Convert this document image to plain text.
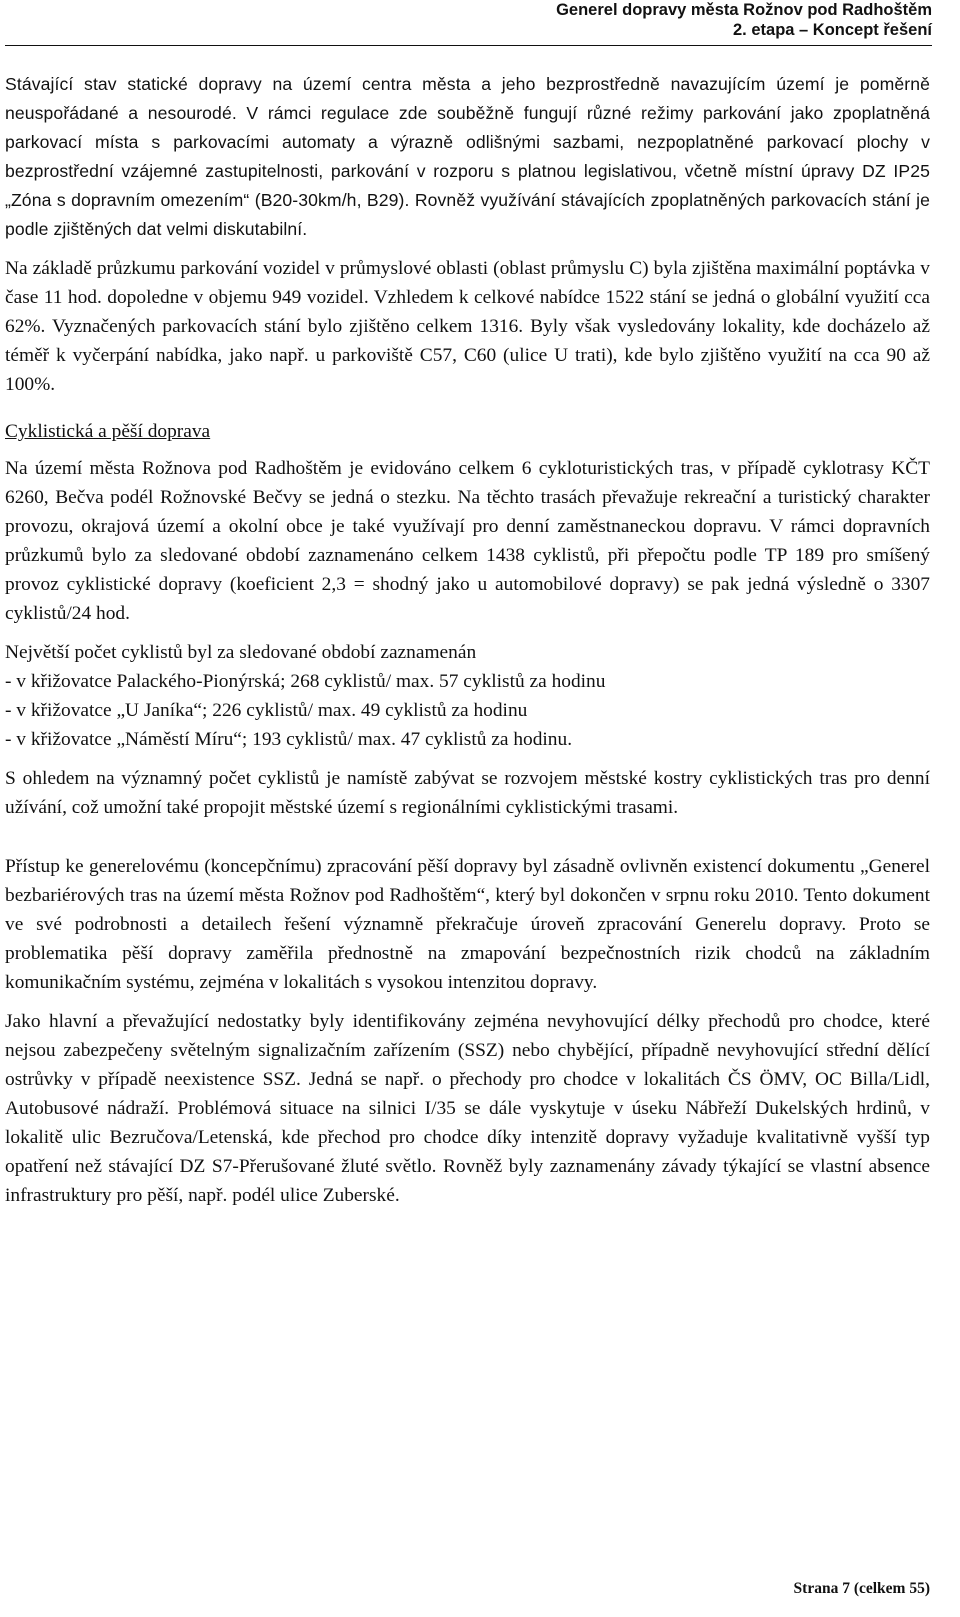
Generel dopravy města Rožnov pod Radhoštěm
2. etapa – Koncept řešení

Stávající stav statické dopravy na území centra města a jeho bezprostředně navazujícím území je poměrně neuspořádané a nesourodé. V rámci regulace zde souběžně fungují různé režimy parkování jako zpoplatněná parkovací místa s parkovacími automaty a výrazně odlišnými sazbami, nezpoplatněné parkovací plochy v bezprostřední vzájemné zastupitelnosti, parkování v rozporu s platnou legislativou, včetně místní úpravy DZ IP25 „Zóna s dopravním omezením“ (B20-30km/h, B29). Rovněž využívání stávajících zpoplatněných parkovacích stání je podle zjištěných dat velmi diskutabilní.

Na základě průzkumu parkování vozidel v průmyslové oblasti (oblast průmyslu C) byla zjištěna maximální poptávka v čase 11 hod. dopoledne v objemu 949 vozidel. Vzhledem k celkové nabídce 1522 stání se jedná o globální využití cca 62%. Vyznačených parkovacích stání bylo zjištěno celkem 1316. Byly však vysledovány lokality, kde docházelo až téměř k vyčerpání nabídka, jako např. u parkoviště C57, C60 (ulice U trati), kde bylo zjištěno využití na cca 90 až 100%.

Cyklistická a pěší doprava

Na území města Rožnova pod Radhoštěm je evidováno celkem 6 cykloturistických tras, v případě cyklotrasy KČT 6260, Bečva podél Rožnovské Bečvy se jedná o stezku. Na těchto trasách převažuje rekreační a turistický charakter provozu, okrajová území a okolní obce je také využívají pro denní zaměstnaneckou dopravu. V rámci dopravních průzkumů bylo za sledované období zaznamenáno celkem 1438 cyklistů, při přepočtu podle TP 189 pro smíšený provoz cyklistické dopravy (koeficient 2,3 = shodný jako u automobilové dopravy) se pak jedná výsledně o 3307 cyklistů/24 hod.

Největší počet cyklistů byl za sledované období zaznamenán
- v křižovatce Palackého-Pionýrská; 268 cyklistů/ max. 57 cyklistů za hodinu
- v křižovatce „U Janíka“; 226 cyklistů/ max. 49 cyklistů za hodinu
- v křižovatce „Náměstí Míru“; 193 cyklistů/ max. 47 cyklistů za hodinu.

S ohledem na významný počet cyklistů je namístě zabývat se rozvojem městské kostry cyklistických tras pro denní užívání, což umožní také propojit městské území s regionálními cyklistickými trasami.

Přístup ke generelovému (koncepčnímu) zpracování pěší dopravy byl zásadně ovlivněn existencí dokumentu „Generel bezbariérových tras na území města Rožnov pod Radhoštěm“, který byl dokončen v srpnu roku 2010. Tento dokument ve své podrobnosti a detailech řešení významně překračuje úroveň zpracování Generelu dopravy. Proto se problematika pěší dopravy zaměřila přednostně na zmapování bezpečnostních rizik chodců na základním komunikačním systému, zejména v lokalitách s vysokou intenzitou dopravy.

Jako hlavní a převažující nedostatky byly identifikovány zejména nevyhovující délky přechodů pro chodce, které nejsou zabezpečeny světelným signalizačním zařízením (SSZ) nebo chybějící, případně nevyhovující střední dělící ostrůvky v případě neexistence SSZ. Jedná se např. o přechody pro chodce v lokalitách ČS ÖMV, OC Billa/Lidl, Autobusové nádraží. Problémová situace na silnici I/35 se dále vyskytuje v úseku Nábřeží Dukelských hrdinů, v lokalitě ulic Bezručova/Letenská, kde přechod pro chodce díky intenzitě dopravy vyžaduje kvalitativně vyšší typ opatření než stávající DZ S7-Přerušované žluté světlo. Rovněž byly zaznamenány závady týkající se vlastní absence infrastruktury pro pěší, např. podél ulice Zuberské.

Strana 7 (celkem 55)
